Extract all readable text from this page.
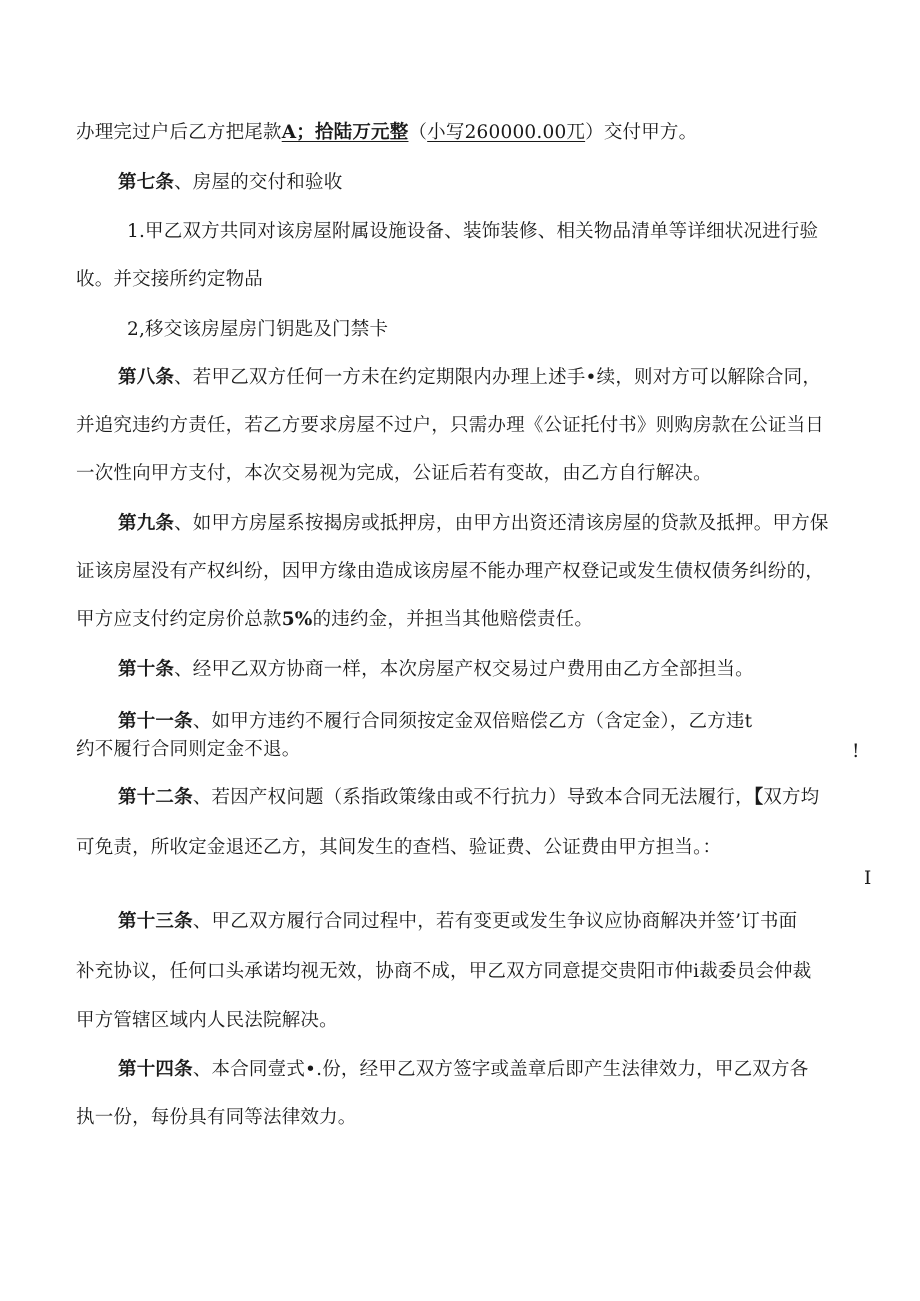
办理完过户后乙方把尾款A；拾陆万元整（小写260000.00兀）交付甲方。
第七条、房屋的交付和验收
1.甲乙双方共同对该房屋附属设施设备、装饰装修、相关物品清单等详细状况进行验
收。并交接所约定物品
2,移交该房屋房门钥匙及门禁卡
第八条、若甲乙双方任何一方未在约定期限内办理上述手•续，则对方可以解除合同，
并追究违约方责任，若乙方要求房屋不过户，只需办理《公证托付书》则购房款在公证当日
一次性向甲方支付，本次交易视为完成，公证后若有变故，由乙方自行解决。
第九条、如甲方房屋系按揭房或抵押房，由甲方出资还清该房屋的贷款及抵押。甲方保
证该房屋没有产权纠纷，因甲方缘由造成该房屋不能办理产权登记或发生债权债务纠纷的，
甲方应支付约定房价总款5%的违约金，并担当其他赔偿责任。
第十条、经甲乙双方协商一样，本次房屋产权交易过户费用由乙方全部担当。
第十一条、如甲方违约不履行合同须按定金双倍赔偿乙方（含定金），乙方违t
约不履行合同则定金不退。	!
第十二条、若因产权问题（系指政策缘由或不行抗力）导致本合同无法履行，【双方均
可免责，所收定金退还乙方，其间发生的查档、验证费、公证费由甲方担当。：
I
第十三条、甲乙双方履行合同过程中，若有变更或发生争议应协商解决并签’订书面
补充协议，任何口头承诺均视无效，协商不成，甲乙双方同意提交贵阳市仲i裁委员会仲裁
甲方管辖区域内人民法院解决。
第十四条、本合同壹式•.份，经甲乙双方签字或盖章后即产生法律效力，甲乙双方各
执一份，每份具有同等法律效力。
